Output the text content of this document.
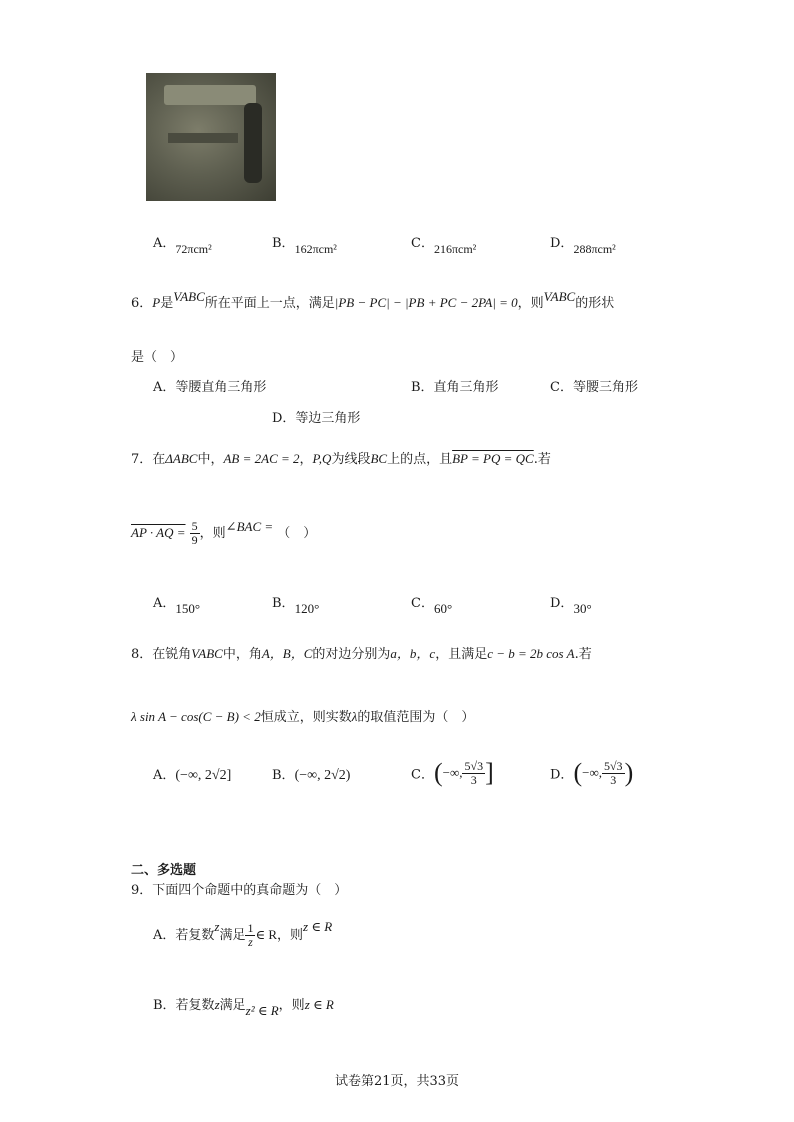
A．72πcm²	B．162πcm²	C．216πcm²	D．288πcm²
6．P是VABC所在平面上一点，满足|PB − PC| − |PB + PC − 2PA| = 0，则VABC的形状
是（　）
A．等腰直角三角形	B．直角三角形	C．等腰三角形
D．等边三角形
7．在ΔABC中，AB = 2AC = 2，P,Q为线段BC上的点，且BP = PQ = QC.若
AP · AQ = $\frac{5}{9}$ ，则∠BAC = （　）
A．150°	B．120°	C．60°	D．30°
8．在锐角VABC中，角A，B，C的对边分别为a，b，c，且满足c − b = 2b cos A.若
λ sin A − cos(C − B) < 2恒成立，则实数λ的取值范围为（　）
A．(−∞, 2√2]	B．(−∞, 2√2)	C．(−∞, $\frac{5√3}{3}$ ]	D．(−∞, $\frac{5√3}{3}$ )
二、多选题
9．下面四个命题中的真命题为（　）
A．若复数z满足 $\frac{1}{z}$ ∈ R，则z ∈ R
B．若复数z满足z² ∈ R，则z ∈ R
试卷第21页，共33页
